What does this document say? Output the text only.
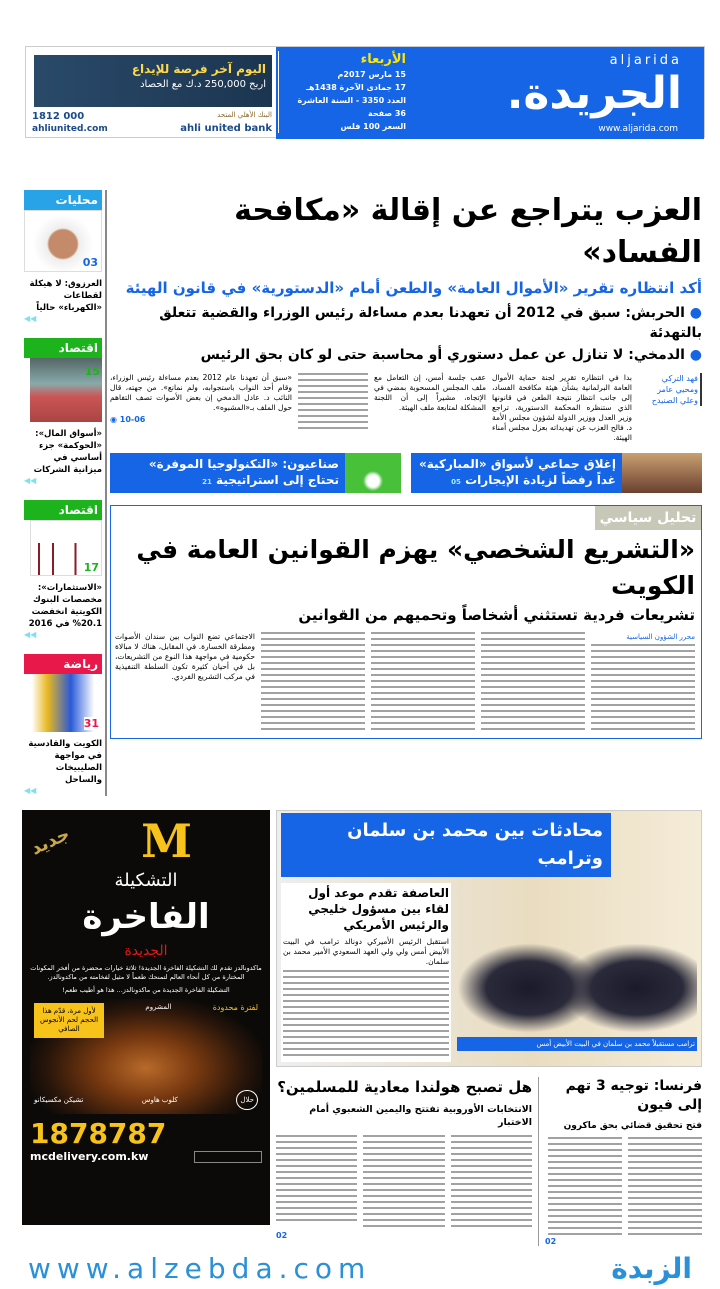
aljarida
الجريدة.
www.aljarida.com
الأربعاء
15 مارس 2017م
17 جمادى الآخرة 1438هـ
العدد 3350 - السنة العاشرة
36 صفحة
السعر 100 فلس
اليوم آخر فرصة للإيداع
اربح 250,000 د.ك مع الحصاد
البنك الأهلي المتحد
ahli united bank
1812 000
ahliunited.com
العزب يتراجع عن إقالة «مكافحة الفساد»
أكد انتظاره تقرير «الأموال العامة» والطعن أمام «الدستورية» في قانون الهيئة
● الحربش: سبق في 2012 أن تعهدنا بعدم مساءلة رئيس الوزراء والقضية تتعلق بالتهدئة
● الدمخي: لا تنازل عن عمل دستوري أو محاسبة حتى لو كان بحق الرئيس
فهد التركي ومحيي عامر وعلي الصنيدح
بدا في انتظاره تقرير لجنة حماية الأموال العامة البرلمانية بشأن هيئة مكافحة الفساد، إلى جانب انتظار نتيجة الطعن في قانونها الذي ستنظره المحكمة الدستورية، تراجع وزير العدل ووزير الدولة لشؤون مجلس الأمة د. فالح العزب عن تهديداته بعزل مجلس أمناء الهيئة.
عقب جلسة أمس، إن التعامل مع ملف المجلس المسحوبة بمضي في الإتجاه، مشيراً إلى أن اللجنة المشكلة لمتابعة ملف الهيئة.
«سبق أن تعهدنا عام 2012 بعدم مساءلة رئيس الوزراء، وقام أحد النواب باستجوابه، ولم نمانع». من جهته، قال النائب د. عادل الدمخي إن بعض الأصوات تصف التفاهم حول الملف بـ«المشبوه».
10-06 ◉
إغلاق جماعي لأسواق «المباركية»
غداً رفضاً لزيادة الإيجارات 05
صناعيون: «التكنولوجيا الموفرة»
تحتاج إلى استراتيجية 21
تحليل سياسي
«التشريع الشخصي» يهزم القوانين العامة في الكويت
تشريعات فردية تستثني أشخاصاً وتحميهم من القوانين
محرر الشؤون السياسية
الاجتماعي تضع النواب بين سندان الأصوات ومطرقة الخسارة. في المقابل، هناك لا مبالاة حكومية في مواجهة هذا النوع من التشريعات، بل في أحيان كثيرة تكون السلطة التنفيذية في مركب التشريع الفردي.
محليات
03
العرزوق: لا هيكلة لقطاعات «الكهرباء» حالياً
◀◀
اقتصاد
15
«أسواق المال»: «الحوكمة» جزء أساسي في ميزانية الشركات
◀◀
اقتصاد
17
«الاستثمارات»: مخصصات البنوك الكويتية انخفضت 20.1% في 2016
◀◀
رياضة
31
الكويت والقادسية في مواجهة الصليبيخات والساحل
◀◀
محادثات بين محمد بن سلمان وترامب
ترامب مستقبلاً محمد بن سلمان في البيت الأبيض أمس
العاصفة تقدم موعد أول لقاء بين مسؤول خليجي والرئيس الأمريكي
استقبل الرئيس الأميركي دونالد ترامب في البيت الأبيض أمس ولي ولي العهد السعودي الأمير محمد بن سلمان.
فرنسا: توجيه 3 تهم إلى فيون
فتح تحقيق قضائي بحق ماكرون
02
هل تصبح هولندا معادية للمسلمين؟
الانتخابات الأوروبية تفتتح واليمين الشعبوي أمام الاختبار
02
M
جديد
التشكيلة
الفاخرة
الجديدة
ماكدونالدز تقدم لك التشكيلة الفاخرة الجديدة! ثلاثة خيارات محضرة من أفخر المكونات المختارة من كل أنحاء العالم لتمنحك طعماً لا مثيل لفخامته من ماكدونالدز.
التشكيلة الفاخرة الجديدة من ماكدونالدز... هذا هو أطيب طعم!
لفترة محدودة
المشروم
لأول مرة، قدّم هذا الحجم لحم الأنجوس الصافي
حلال
كلوب هاوس
تشيكن مكسيكانو
1878787
mcdelivery.com.kw
الزبدة
www.alzebda.com
